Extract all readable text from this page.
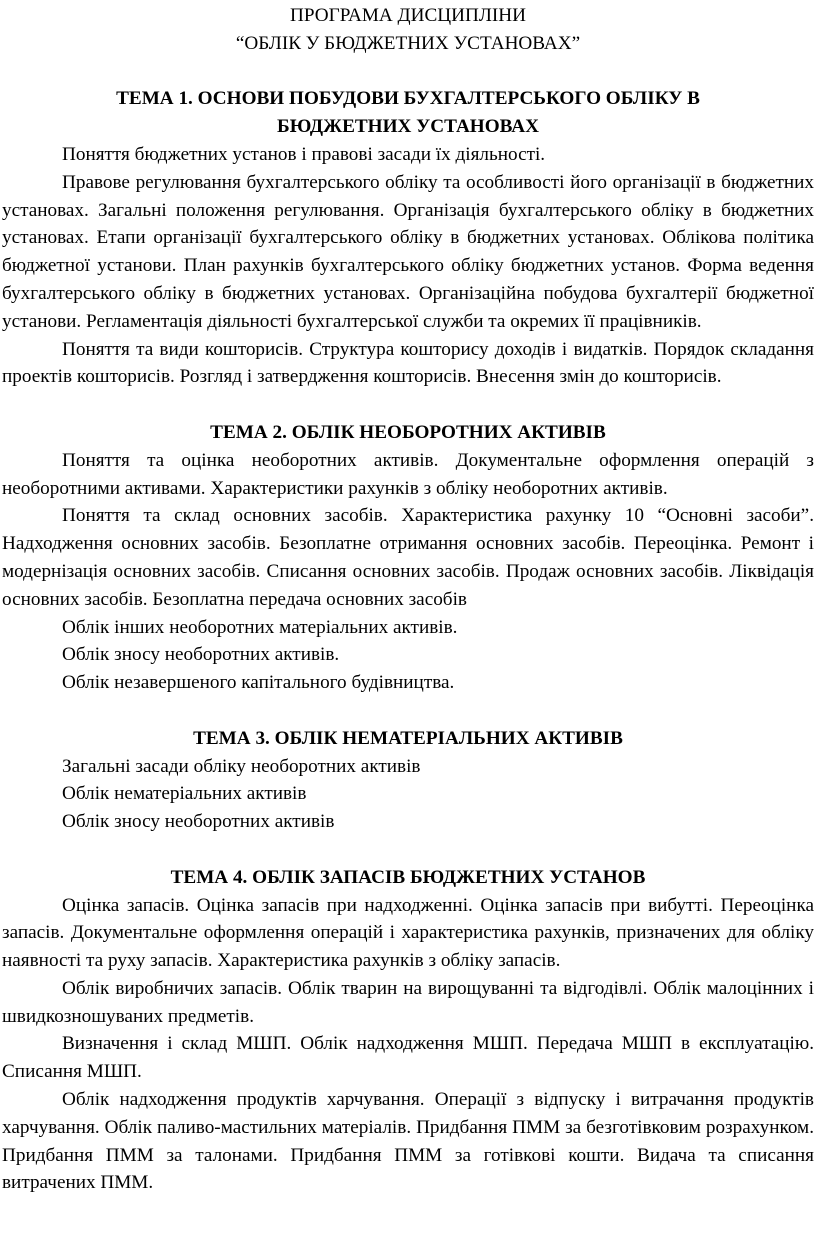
ПРОГРАМА ДИСЦИПЛІНИ
“ОБЛІК У БЮДЖЕТНИХ УСТАНОВАХ”
ТЕМА 1. ОСНОВИ ПОБУДОВИ БУХГАЛТЕРСЬКОГО ОБЛІКУ В
БЮДЖЕТНИХ УСТАНОВАХ

Поняття бюджетних установ і правові засади їх діяльності.

Правове регулювання бухгалтерського обліку та особливості його організації в бюджетних установах. Загальні положення регулювання. Організація бухгалтерського обліку в бюджетних установах. Етапи організації бухгалтерського обліку в бюджетних установах. Облікова політика бюджетної установи. План рахунків бухгалтерського обліку бюджетних установ. Форма ведення бухгалтерського обліку в бюджетних установах. Організаційна побудова бухгалтерії бюджетної установи. Регламентація діяльності бухгалтерської служби та окремих її працівників.

Поняття та види кошторисів. Структура кошторису доходів і видатків. Порядок складання проектів кошторисів. Розгляд і затвердження кошторисів. Внесення змін до кошторисів.

ТЕМА 2. ОБЛІК НЕОБОРОТНИХ АКТИВІВ

Поняття та оцінка необоротних активів. Документальне оформлення операцій з необоротними активами. Характеристики рахунків з обліку необоротних активів.

Поняття та склад основних засобів. Характеристика рахунку 10 “Основні засоби”. Надходження основних засобів. Безоплатне отримання основних засобів. Переоцінка. Ремонт і модернізація основних засобів. Списання основних засобів. Продаж основних засобів. Ліквідація основних засобів. Безоплатна передача основних засобів

Облік інших необоротних матеріальних активів.

Облік зносу необоротних активів.

Облік незавершеного капітального будівництва.

ТЕМА 3. ОБЛІК НЕМАТЕРІАЛЬНИХ АКТИВІВ

Загальні засади обліку необоротних активів

Облік нематеріальних активів

Облік зносу необоротних активів

ТЕМА 4. ОБЛІК ЗАПАСІВ БЮДЖЕТНИХ УСТАНОВ

Оцінка запасів. Оцінка запасів при надходженні. Оцінка запасів при вибутті. Переоцінка запасів. Документальне оформлення операцій і характеристика рахунків, призначених для обліку наявності та руху запасів. Характеристика рахунків з обліку запасів.

Облік виробничих запасів. Облік тварин на вирощуванні та відгодівлі. Облік малоцінних і швидкозношуваних предметів.

Визначення і склад МШП. Облік надходження МШП. Передача МШП в експлуатацію. Списання МШП.

Облік надходження продуктів харчування. Операції з відпуску і витрачання продуктів харчування. Облік паливо-мастильних матеріалів. Придбання ПММ за безготівковим розрахунком. Придбання ПММ за талонами. Придбання ПММ за готівкові кошти. Видача та списання витрачених ПММ.
